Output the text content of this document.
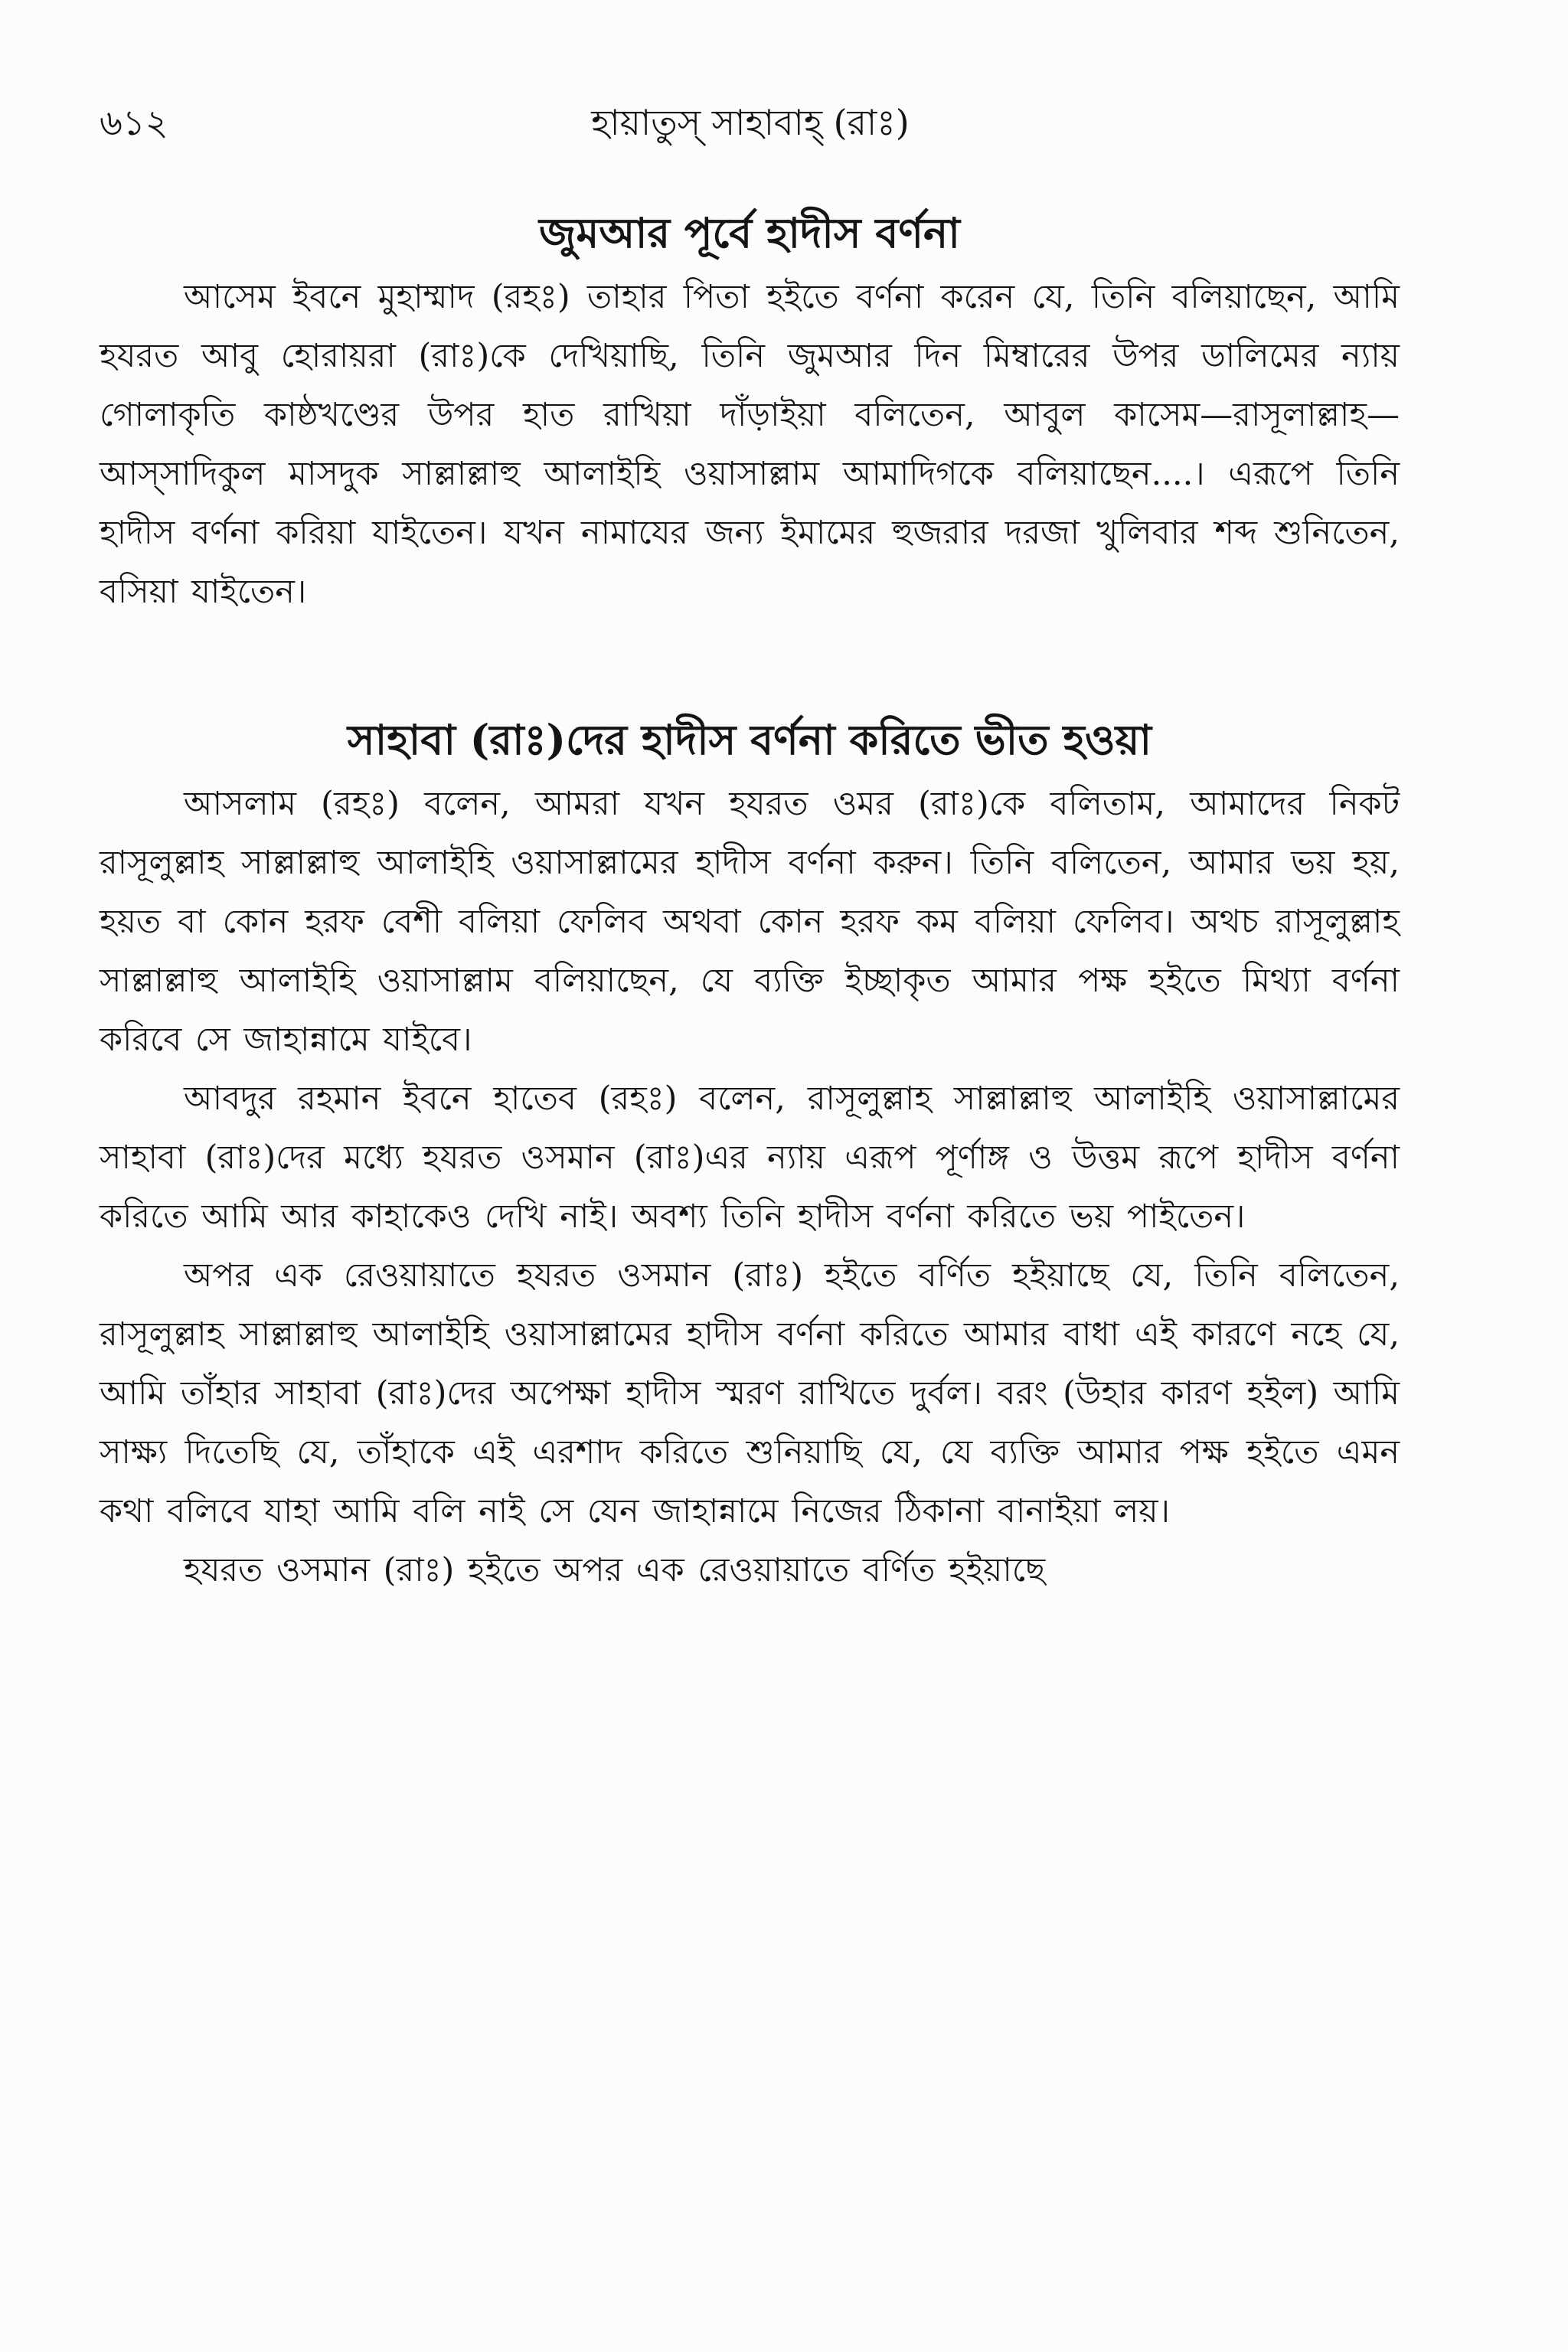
৬১২	হায়াতুস্ সাহাবাহ্ (রাঃ)
জুমআর পূর্বে হাদীস বর্ণনা

আসেম ইবনে মুহাম্মাদ (রহঃ) তাহার পিতা হইতে বর্ণনা করেন যে, তিনি বলিয়াছেন, আমি হযরত আবু হোরায়রা (রাঃ)কে দেখিয়াছি, তিনি জুমআর দিন মিম্বারের উপর ডালিমের ন্যায় গোলাকৃতি কাষ্ঠখণ্ডের উপর হাত রাখিয়া দাঁড়াইয়া বলিতেন, আবুল কাসেম—রাসূলাল্লাহ—আস্‌সাদিকুল মাসদুক সাল্লাল্লাহু আলাইহি ওয়াসাল্লাম আমাদিগকে বলিয়াছেন....। এরূপে তিনি হাদীস বর্ণনা করিয়া যাইতেন। যখন নামাযের জন্য ইমামের হুজরার দরজা খুলিবার শব্দ শুনিতেন, বসিয়া যাইতেন।

সাহাবা (রাঃ)দের হাদীস বর্ণনা করিতে ভীত হওয়া

আসলাম (রহঃ) বলেন, আমরা যখন হযরত ওমর (রাঃ)কে বলিতাম, আমাদের নিকট রাসূলুল্লাহ সাল্লাল্লাহু আলাইহি ওয়াসাল্লামের হাদীস বর্ণনা করুন। তিনি বলিতেন, আমার ভয় হয়, হয়ত বা কোন হরফ বেশী বলিয়া ফেলিব অথবা কোন হরফ কম বলিয়া ফেলিব। অথচ রাসূলুল্লাহ সাল্লাল্লাহু আলাইহি ওয়াসাল্লাম বলিয়াছেন, যে ব্যক্তি ইচ্ছাকৃত আমার পক্ষ হইতে মিথ্যা বর্ণনা করিবে সে জাহান্নামে যাইবে।

আবদুর রহমান ইবনে হাতেব (রহঃ) বলেন, রাসূলুল্লাহ সাল্লাল্লাহু আলাইহি ওয়াসাল্লামের সাহাবা (রাঃ)দের মধ্যে হযরত ওসমান (রাঃ)এর ন্যায় এরূপ পূর্ণাঙ্গ ও উত্তম রূপে হাদীস বর্ণনা করিতে আমি আর কাহাকেও দেখি নাই। অবশ্য তিনি হাদীস বর্ণনা করিতে ভয় পাইতেন।

অপর এক রেওয়ায়াতে হযরত ওসমান (রাঃ) হইতে বর্ণিত হইয়াছে যে, তিনি বলিতেন, রাসূলুল্লাহ সাল্লাল্লাহু আলাইহি ওয়াসাল্লামের হাদীস বর্ণনা করিতে আমার বাধা এই কারণে নহে যে, আমি তাঁহার সাহাবা (রাঃ)দের অপেক্ষা হাদীস স্মরণ রাখিতে দুর্বল। বরং (উহার কারণ হইল) আমি সাক্ষ্য দিতেছি যে, তাঁহাকে এই এরশাদ করিতে শুনিয়াছি যে, যে ব্যক্তি আমার পক্ষ হইতে এমন কথা বলিবে যাহা আমি বলি নাই সে যেন জাহান্নামে নিজের ঠিকানা বানাইয়া লয়।

হযরত ওসমান (রাঃ) হইতে অপর এক রেওয়ায়াতে বর্ণিত হইয়াছে
